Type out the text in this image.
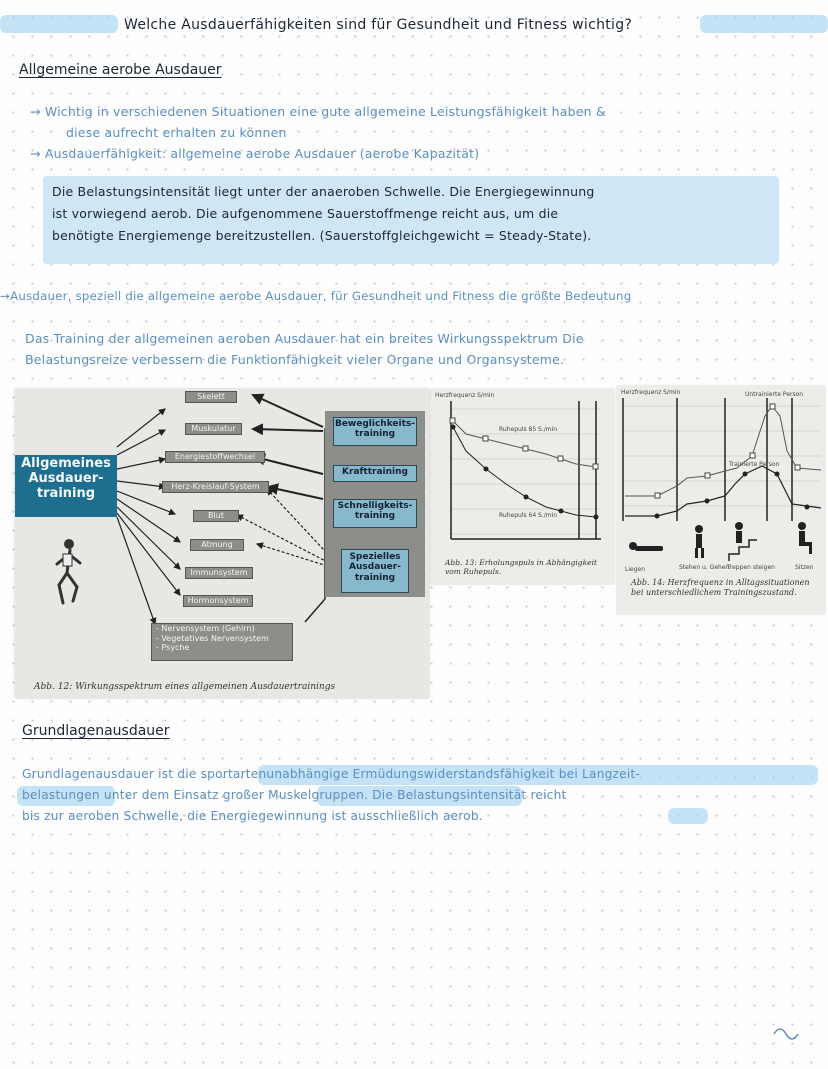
Welche Ausdauerfähigkeiten sind für Gesundheit und Fitness wichtig?
Allgemeine aerobe Ausdauer
→ Wichtig in verschiedenen Situationen eine gute allgemeine Leistungsfähigkeit haben &
diese aufrecht erhalten zu können
→ Ausdauerfähigkeit: allgemeine aerobe Ausdauer (aerobe Kapazität)
Die Belastungsintensität liegt unter der anaeroben Schwelle. Die Energiegewinnung
ist vorwiegend aerob. Die aufgenommene Sauerstoffmenge reicht aus, um die
benötigte Energiemenge bereitzustellen. (Sauerstoffgleichgewicht = Steady-State).
→Ausdauer, speziell die allgemeine aerobe Ausdauer, für Gesundheit und Fitness die größte Bedeutung
Das Training der allgemeinen aeroben Ausdauer hat ein breites Wirkungsspektrum Die
Belastungsreize verbessern die Funktionfähigkeit vieler Organe und Organsysteme.
Allgemeines Ausdauer-training
Skelett
Muskulatur
Energiestoffwechsel
Herz-Kreislauf-System
Blut
Atmung
Immunsystem
Hormonsystem
- Nervensystem (Gehirn)
- Vegetatives Nervensystem
- Psyche
Beweglichkeits-training
Krafttraining
Schnelligkeits-training
Spezielles Ausdauer-training
Abb. 12: Wirkungsspektrum eines allgemeinen Ausdauertrainings
Herzfrequenz S/min
Ruhepuls 85 S./min
Ruhepuls 64 S./min
Abb. 13: Erholungspuls in Abhängigkeit vom Ruhepuls.
Herzfrequenz S/min	Untrainierte Person
Trainierte Person
Liegen	Stehen u. Gehen
Treppen steigen	Sitzen
Abb. 14: Herzfrequenz in Alltagssituationen bei unterschiedlichem Trainingszustand.
Grundlagenausdauer
Grundlagenausdauer ist die sportartenunabhängige Ermüdungswiderstandsfähigkeit bei Langzeit-
belastungen unter dem Einsatz großer Muskelgruppen. Die Belastungsintensität reicht
bis zur aeroben Schwelle, die Energiegewinnung ist ausschließlich aerob.
